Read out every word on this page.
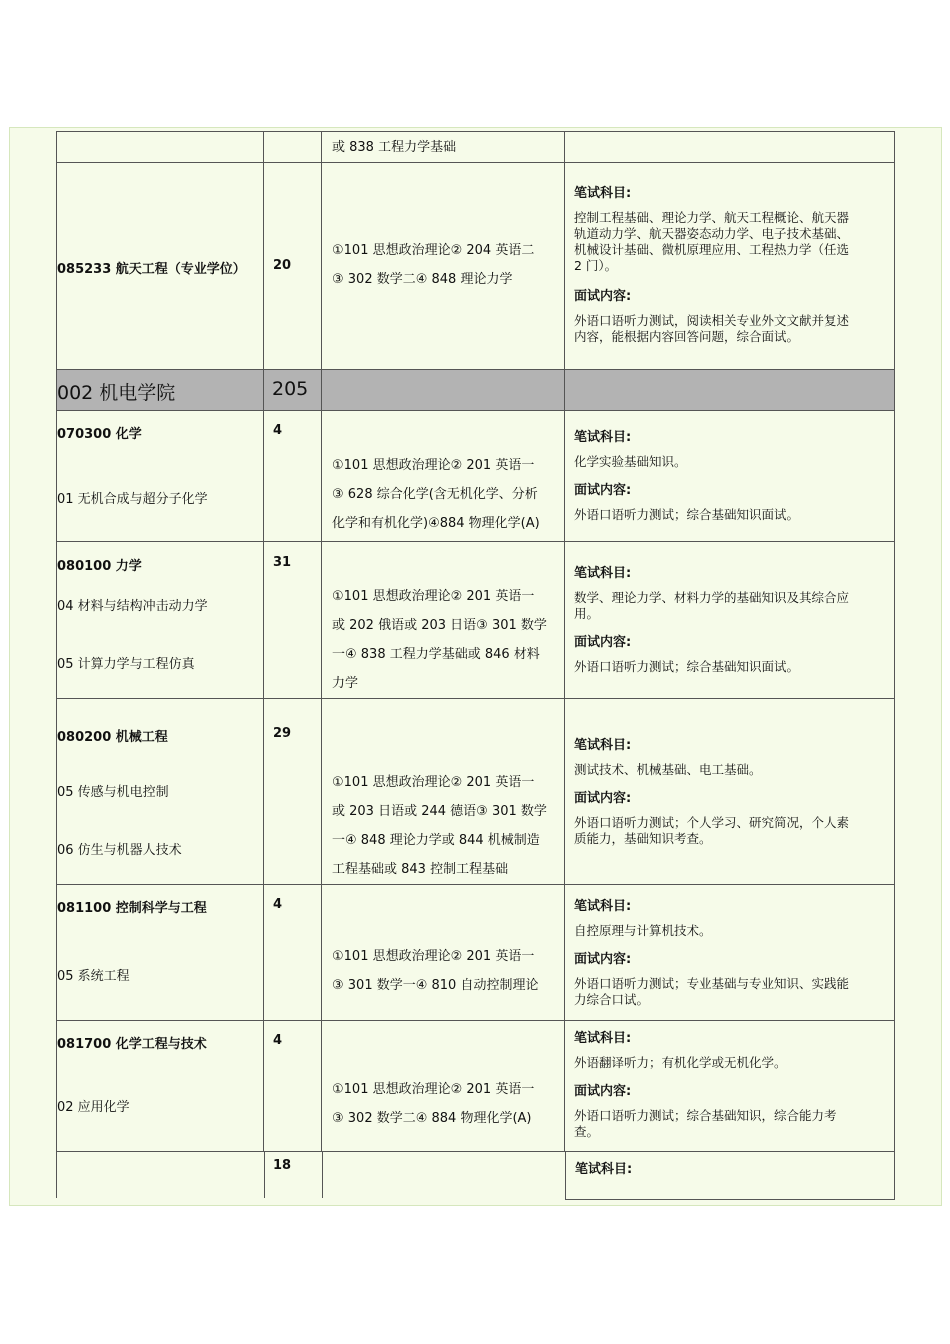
或 838 工程力学基础
085233 航天工程（专业学位） 20
①101 思想政治理论② 204 英语二
③ 302 数学二④ 848 理论力学
笔试科目:
控制工程基础、理论力学、航天工程概论、航天器
轨道动力学、航天器姿态动力学、电子技术基础、
机械设计基础、微机原理应用、工程热力学（任选
2 门）。
面试内容:
外语口语听力测试，阅读相关专业外文文献并复述
内容，能根据内容回答问题，综合面试。
002 机电学院	205
070300 化学
01 无机合成与超分子化学
4
①101 思想政治理论② 201 英语一
③ 628 综合化学(含无机化学、分析
化学和有机化学)④884 物理化学(A)
笔试科目:
化学实验基础知识。
面试内容:
外语口语听力测试；综合基础知识面试。
080100 力学
04 材料与结构冲击动力学
05 计算力学与工程仿真
31
①101 思想政治理论② 201 英语一
或 202 俄语或 203 日语③ 301 数学
一④ 838 工程力学基础或 846 材料
力学
笔试科目:
数学、理论力学、材料力学的基础知识及其综合应
用。
面试内容:
外语口语听力测试；综合基础知识面试。
080200 机械工程
05 传感与机电控制
06 仿生与机器人技术
29
①101 思想政治理论② 201 英语一
或 203 日语或 244 德语③ 301 数学
一④ 848 理论力学或 844 机械制造
工程基础或 843 控制工程基础
笔试科目:
测试技术、机械基础、电工基础。
面试内容:
外语口语听力测试；个人学习、研究简况，个人素
质能力，基础知识考查。
081100 控制科学与工程
05 系统工程
4
①101 思想政治理论② 201 英语一
③ 301 数学一④ 810 自动控制理论
笔试科目:
自控原理与计算机技术。
面试内容:
外语口语听力测试；专业基础与专业知识、实践能
力综合口试。
081700 化学工程与技术
02 应用化学
4
①101 思想政治理论② 201 英语一
③ 302 数学二④ 884 物理化学(A)
笔试科目:
外语翻译听力；有机化学或无机化学。
面试内容:
外语口语听力测试；综合基础知识，综合能力考
查。
笔试科目:
18
